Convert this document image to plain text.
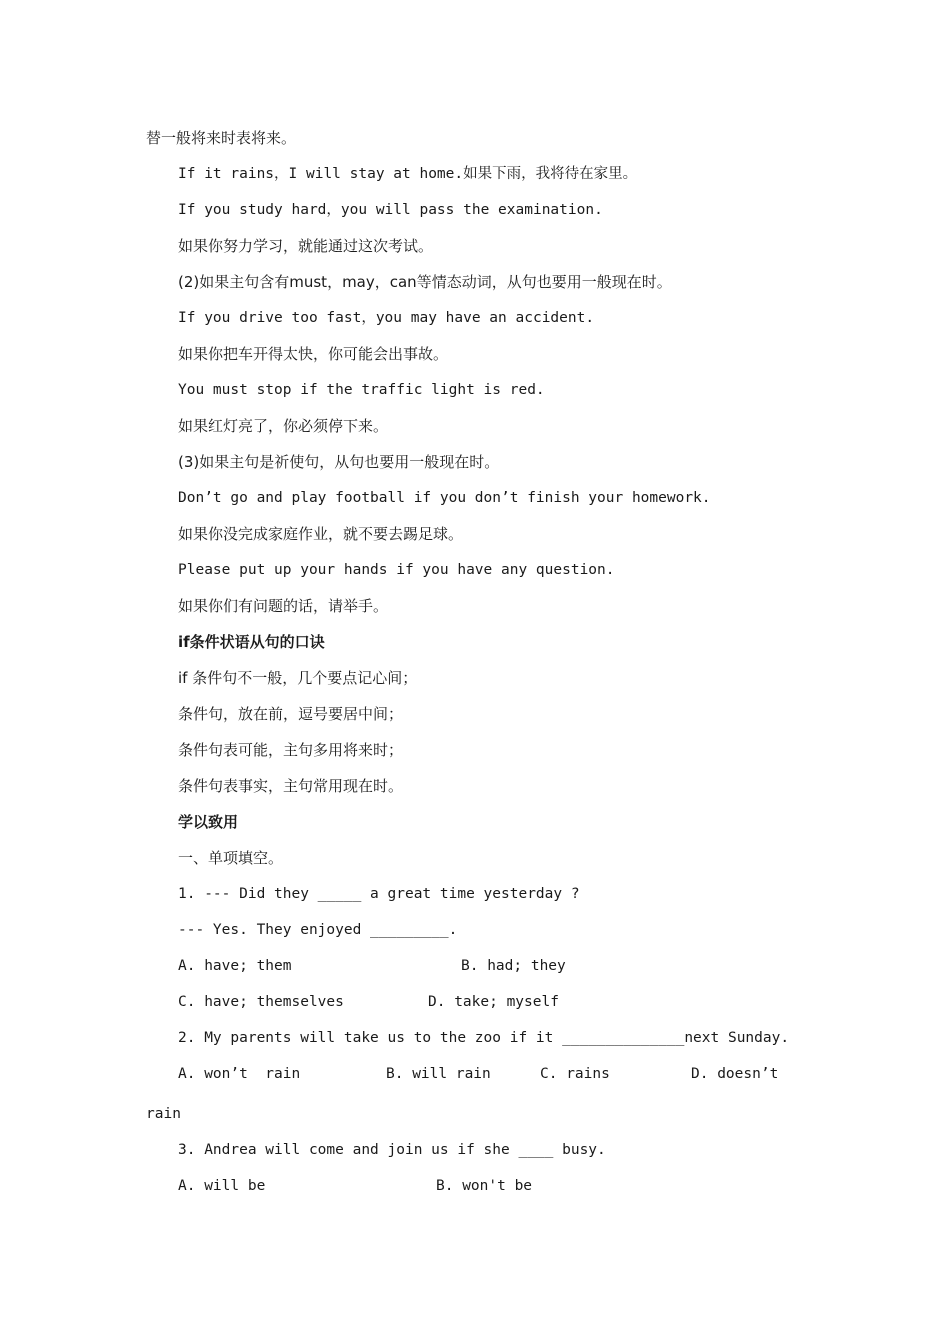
替一般将来时表将来。
If it rains，I will stay at home.如果下雨，我将待在家里。
If you study hard，you will pass the examination.
如果你努力学习，就能通过这次考试。
(2)如果主句含有must，may，can等情态动词，从句也要用一般现在时。
If you drive too fast，you may have an accident.
如果你把车开得太快，你可能会出事故。
You must stop if the traffic light is red.
如果红灯亮了，你必须停下来。
(3)如果主句是祈使句，从句也要用一般现在时。
Don’t go and play football if you don’t finish your homework.
如果你没完成家庭作业，就不要去踢足球。
Please put up your hands if you have any question.
如果你们有问题的话，请举手。
if条件状语从句的口诀
if 条件句不一般，几个要点记心间；
条件句，放在前，逗号要居中间；
条件句表可能，主句多用将来时；
条件句表事实，主句常用现在时。
学以致用
一、单项填空。
1. --- Did they _____ a great time yesterday ?
--- Yes. They enjoyed _________.
A. have; them	B. had; they
C. have; themselves	D. take; myself
2. My parents will take us to the zoo if it ______________next Sunday.
A. won’t  rain	B. will rain	C. rains	D. doesn’t
rain
3. Andrea will come and join us if she ____ busy.
A. will be	B. won't be
